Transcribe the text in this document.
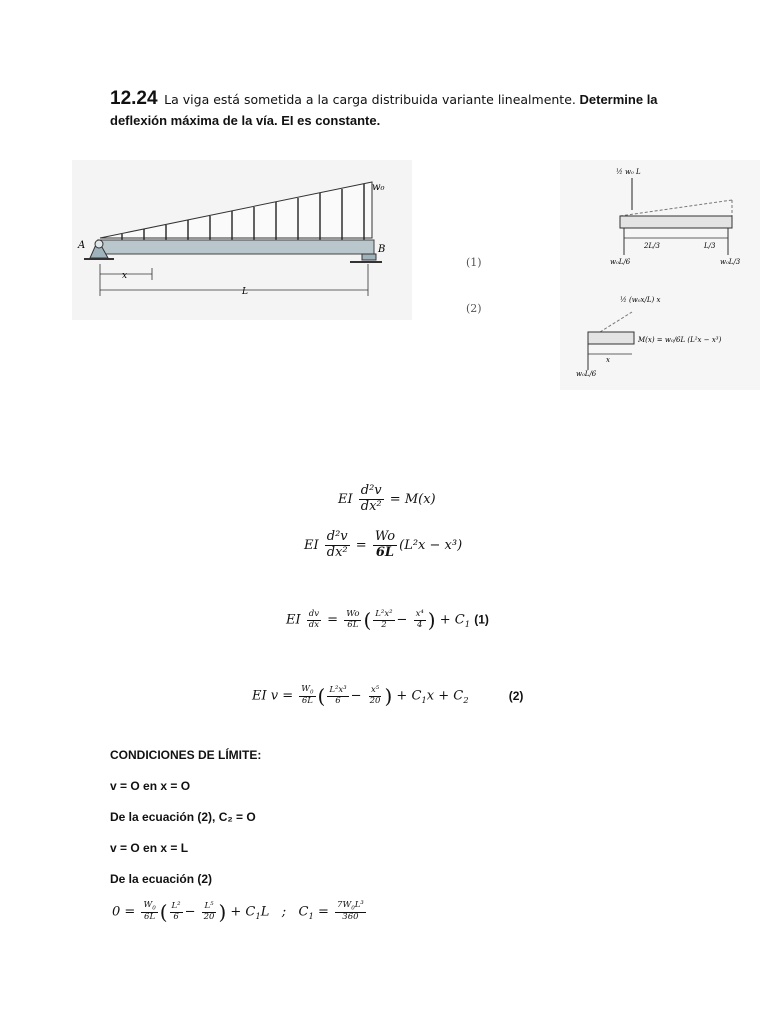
12.24 La viga está sometida a la carga distribuida variante linealmente. Determine la deflexión máxima de la vía. EI es constante.
w₀
A	B
x
L
(1)
(2)
½ w₀ L
2L/3	L/3
w₀L/6	w₀L/3
½ (w₀x/L) x
M(x) = w₀/6L (L²x − x³)
x
w₀L/6
EI $\frac{\text{d²v}}{\text{dx²}} = M(x)$
EI $\frac{\text{d²v}}{\text{dx²}} = \frac{Wo}{6L} (L^2x - x^3)$
EI $\frac{dv}{dx} = \frac{Wo}{6L}$ ( $\frac{\text{L²x²}}{2} - \frac{\text{x⁴}}{4}$ ) + $C_1$ (1)
EI $v = \frac{W_0}{6L}$ ( $\frac{\text{L²x³}}{6} - \frac{\text{x⁵}}{20}$ ) + $C_1x + C_2$	(2)
CONDICIONES DE LÍMITE:
v = O en x = O
De la ecuación (2), C₂ = O
v = O en x = L
De la ecuación (2)
$0 = \frac{W_0}{6L}$ ( $\frac{\text{L²}}{6} - \frac{\text{L⁵}}{20}$ ) + $C_1L$   ;   $C_1 = \frac{7W_0L^3}{360}$
